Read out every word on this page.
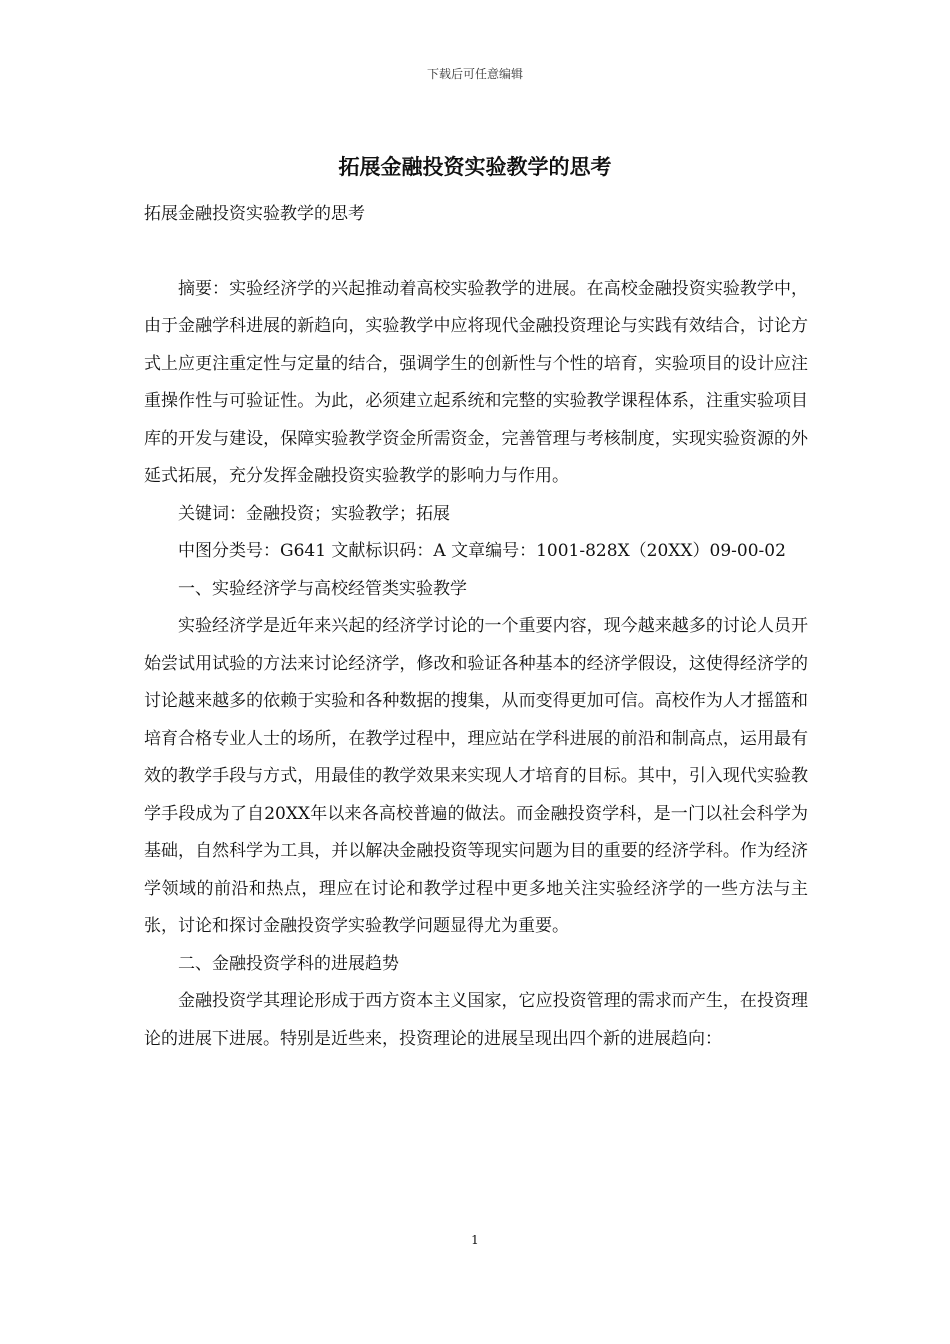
下载后可任意编辑
拓展金融投资实验教学的思考

拓展金融投资实验教学的思考

摘要：实验经济学的兴起推动着高校实验教学的进展。在高校金融投资实验教学中，由于金融学科进展的新趋向，实验教学中应将现代金融投资理论与实践有效结合，讨论方式上应更注重定性与定量的结合，强调学生的创新性与个性的培育，实验项目的设计应注重操作性与可验证性。为此，必须建立起系统和完整的实验教学课程体系，注重实验项目库的开发与建设，保障实验教学资金所需资金，完善管理与考核制度，实现实验资源的外延式拓展，充分发挥金融投资实验教学的影响力与作用。

关键词：金融投资；实验教学；拓展

中图分类号：G641 文献标识码：A 文章编号：1001-828X（20XX）09-00-02

一、实验经济学与高校经管类实验教学

实验经济学是近年来兴起的经济学讨论的一个重要内容，现今越来越多的讨论人员开始尝试用试验的方法来讨论经济学，修改和验证各种基本的经济学假设，这使得经济学的讨论越来越多的依赖于实验和各种数据的搜集，从而变得更加可信。高校作为人才摇篮和培育合格专业人士的场所，在教学过程中，理应站在学科进展的前沿和制高点，运用最有效的教学手段与方式，用最佳的教学效果来实现人才培育的目标。其中，引入现代实验教学手段成为了自20XX年以来各高校普遍的做法。而金融投资学科，是一门以社会科学为基础，自然科学为工具，并以解决金融投资等现实问题为目的重要的经济学科。作为经济学领域的前沿和热点，理应在讨论和教学过程中更多地关注实验经济学的一些方法与主张，讨论和探讨金融投资学实验教学问题显得尤为重要。

二、金融投资学科的进展趋势

金融投资学其理论形成于西方资本主义国家，它应投资管理的需求而产生，在投资理论的进展下进展。特别是近些来，投资理论的进展呈现出四个新的进展趋向：

1
